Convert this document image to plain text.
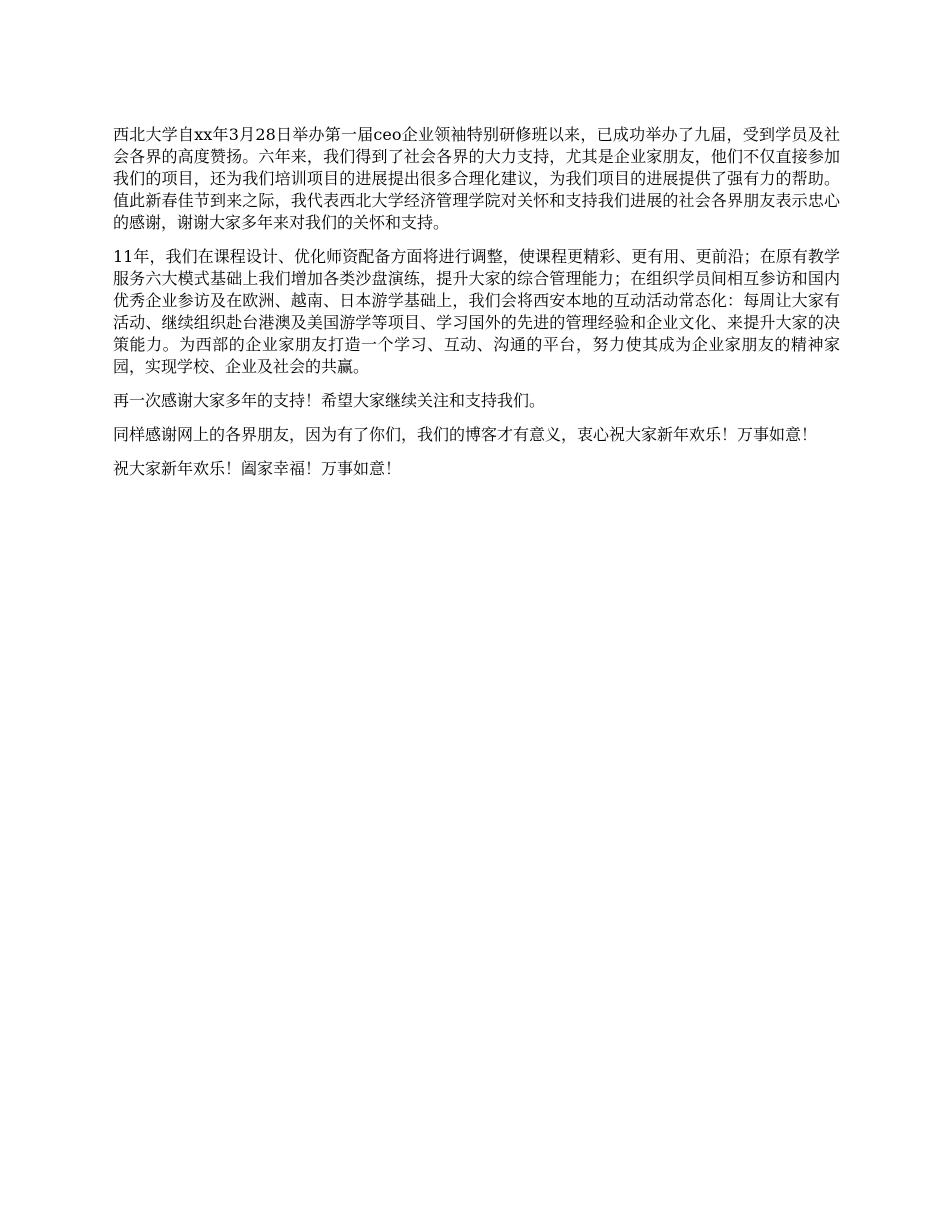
西北大学自xx年3月28日举办第一届ceo企业领袖特别研修班以来，已成功举办了九届，受到学员及社会各界的高度赞扬。六年来，我们得到了社会各界的大力支持，尤其是企业家朋友，他们不仅直接参加我们的项目，还为我们培训项目的进展提出很多合理化建议，为我们项目的进展提供了强有力的帮助。值此新春佳节到来之际，我代表西北大学经济管理学院对关怀和支持我们进展的社会各界朋友表示忠心的感谢，谢谢大家多年来对我们的关怀和支持。

11年，我们在课程设计、优化师资配备方面将进行调整，使课程更精彩、更有用、更前沿；在原有教学服务六大模式基础上我们增加各类沙盘演练，提升大家的综合管理能力；在组织学员间相互参访和国内优秀企业参访及在欧洲、越南、日本游学基础上，我们会将西安本地的互动活动常态化：每周让大家有活动、继续组织赴台港澳及美国游学等项目、学习国外的先进的管理经验和企业文化、来提升大家的决策能力。为西部的企业家朋友打造一个学习、互动、沟通的平台，努力使其成为企业家朋友的精神家园，实现学校、企业及社会的共赢。

再一次感谢大家多年的支持！希望大家继续关注和支持我们。

同样感谢网上的各界朋友，因为有了你们，我们的博客才有意义，衷心祝大家新年欢乐！万事如意！

祝大家新年欢乐！阖家幸福！万事如意！
